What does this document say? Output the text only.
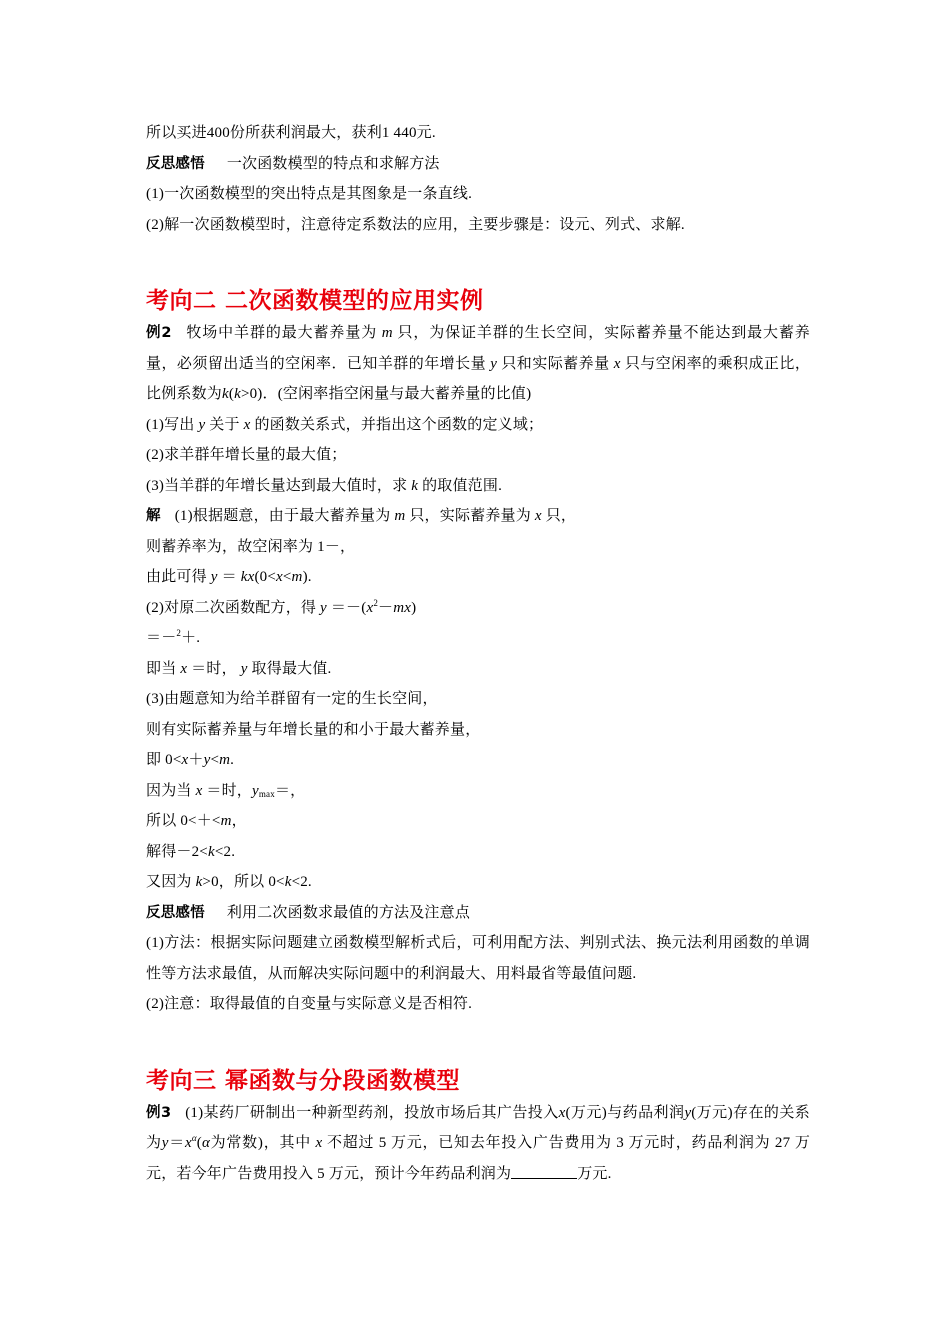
所以买进400份所获利润最大，获利1 440元.
反思感悟 一次函数模型的特点和求解方法
(1)一次函数模型的突出特点是其图象是一条直线.
(2)解一次函数模型时，注意待定系数法的应用，主要步骤是：设元、列式、求解.
考向二 二次函数模型的应用实例
例2 牧场中羊群的最大蓄养量为 m 只，为保证羊群的生长空间，实际蓄养量不能达到最大蓄养量，必须留出适当的空闲率．已知羊群的年增长量 y 只和实际蓄养量 x 只与空闲率的乘积成正比，比例系数为k(k>0)．(空闲率指空闲量与最大蓄养量的比值)
(1)写出 y 关于 x 的函数关系式，并指出这个函数的定义域；
(2)求羊群年增长量的最大值；
(3)当羊群的年增长量达到最大值时，求 k 的取值范围.
解 (1)根据题意，由于最大蓄养量为 m 只，实际蓄养量为 x 只，
则蓄养率为，故空闲率为 1－，
由此可得 y ＝ kx(0<x<m).
(2)对原二次函数配方，得 $y =-(x^2-mx)$
＝－$^2$＋.
即当 x ＝时， y 取得最大值.
(3)由题意知为给羊群留有一定的生长空间，
则有实际蓄养量与年增长量的和小于最大蓄养量，
即 0<x＋y<m.
因为当 x ＝时，$y_{max}=$，
所以 0<＋<m，
解得－2<k<2.
又因为 k>0，所以 0<k<2.
反思感悟 利用二次函数求最值的方法及注意点
(1)方法：根据实际问题建立函数模型解析式后，可利用配方法、判别式法、换元法利用函数的单调性等方法求最值，从而解决实际问题中的利润最大、用料最省等最值问题.
(2)注意：取得最值的自变量与实际意义是否相符.
考向三 幂函数与分段函数模型
例3 (1)某药厂研制出一种新型药剂，投放市场后其广告投入x(万元)与药品利润y(万元)存在的关系为$y=x^\alpha(\alpha$为常数)，其中 x 不超过 5 万元，已知去年投入广告费用为 3 万元时，药品利润为 27 万元，若今年广告费用投入 5 万元，预计今年药品利润为	万元.
